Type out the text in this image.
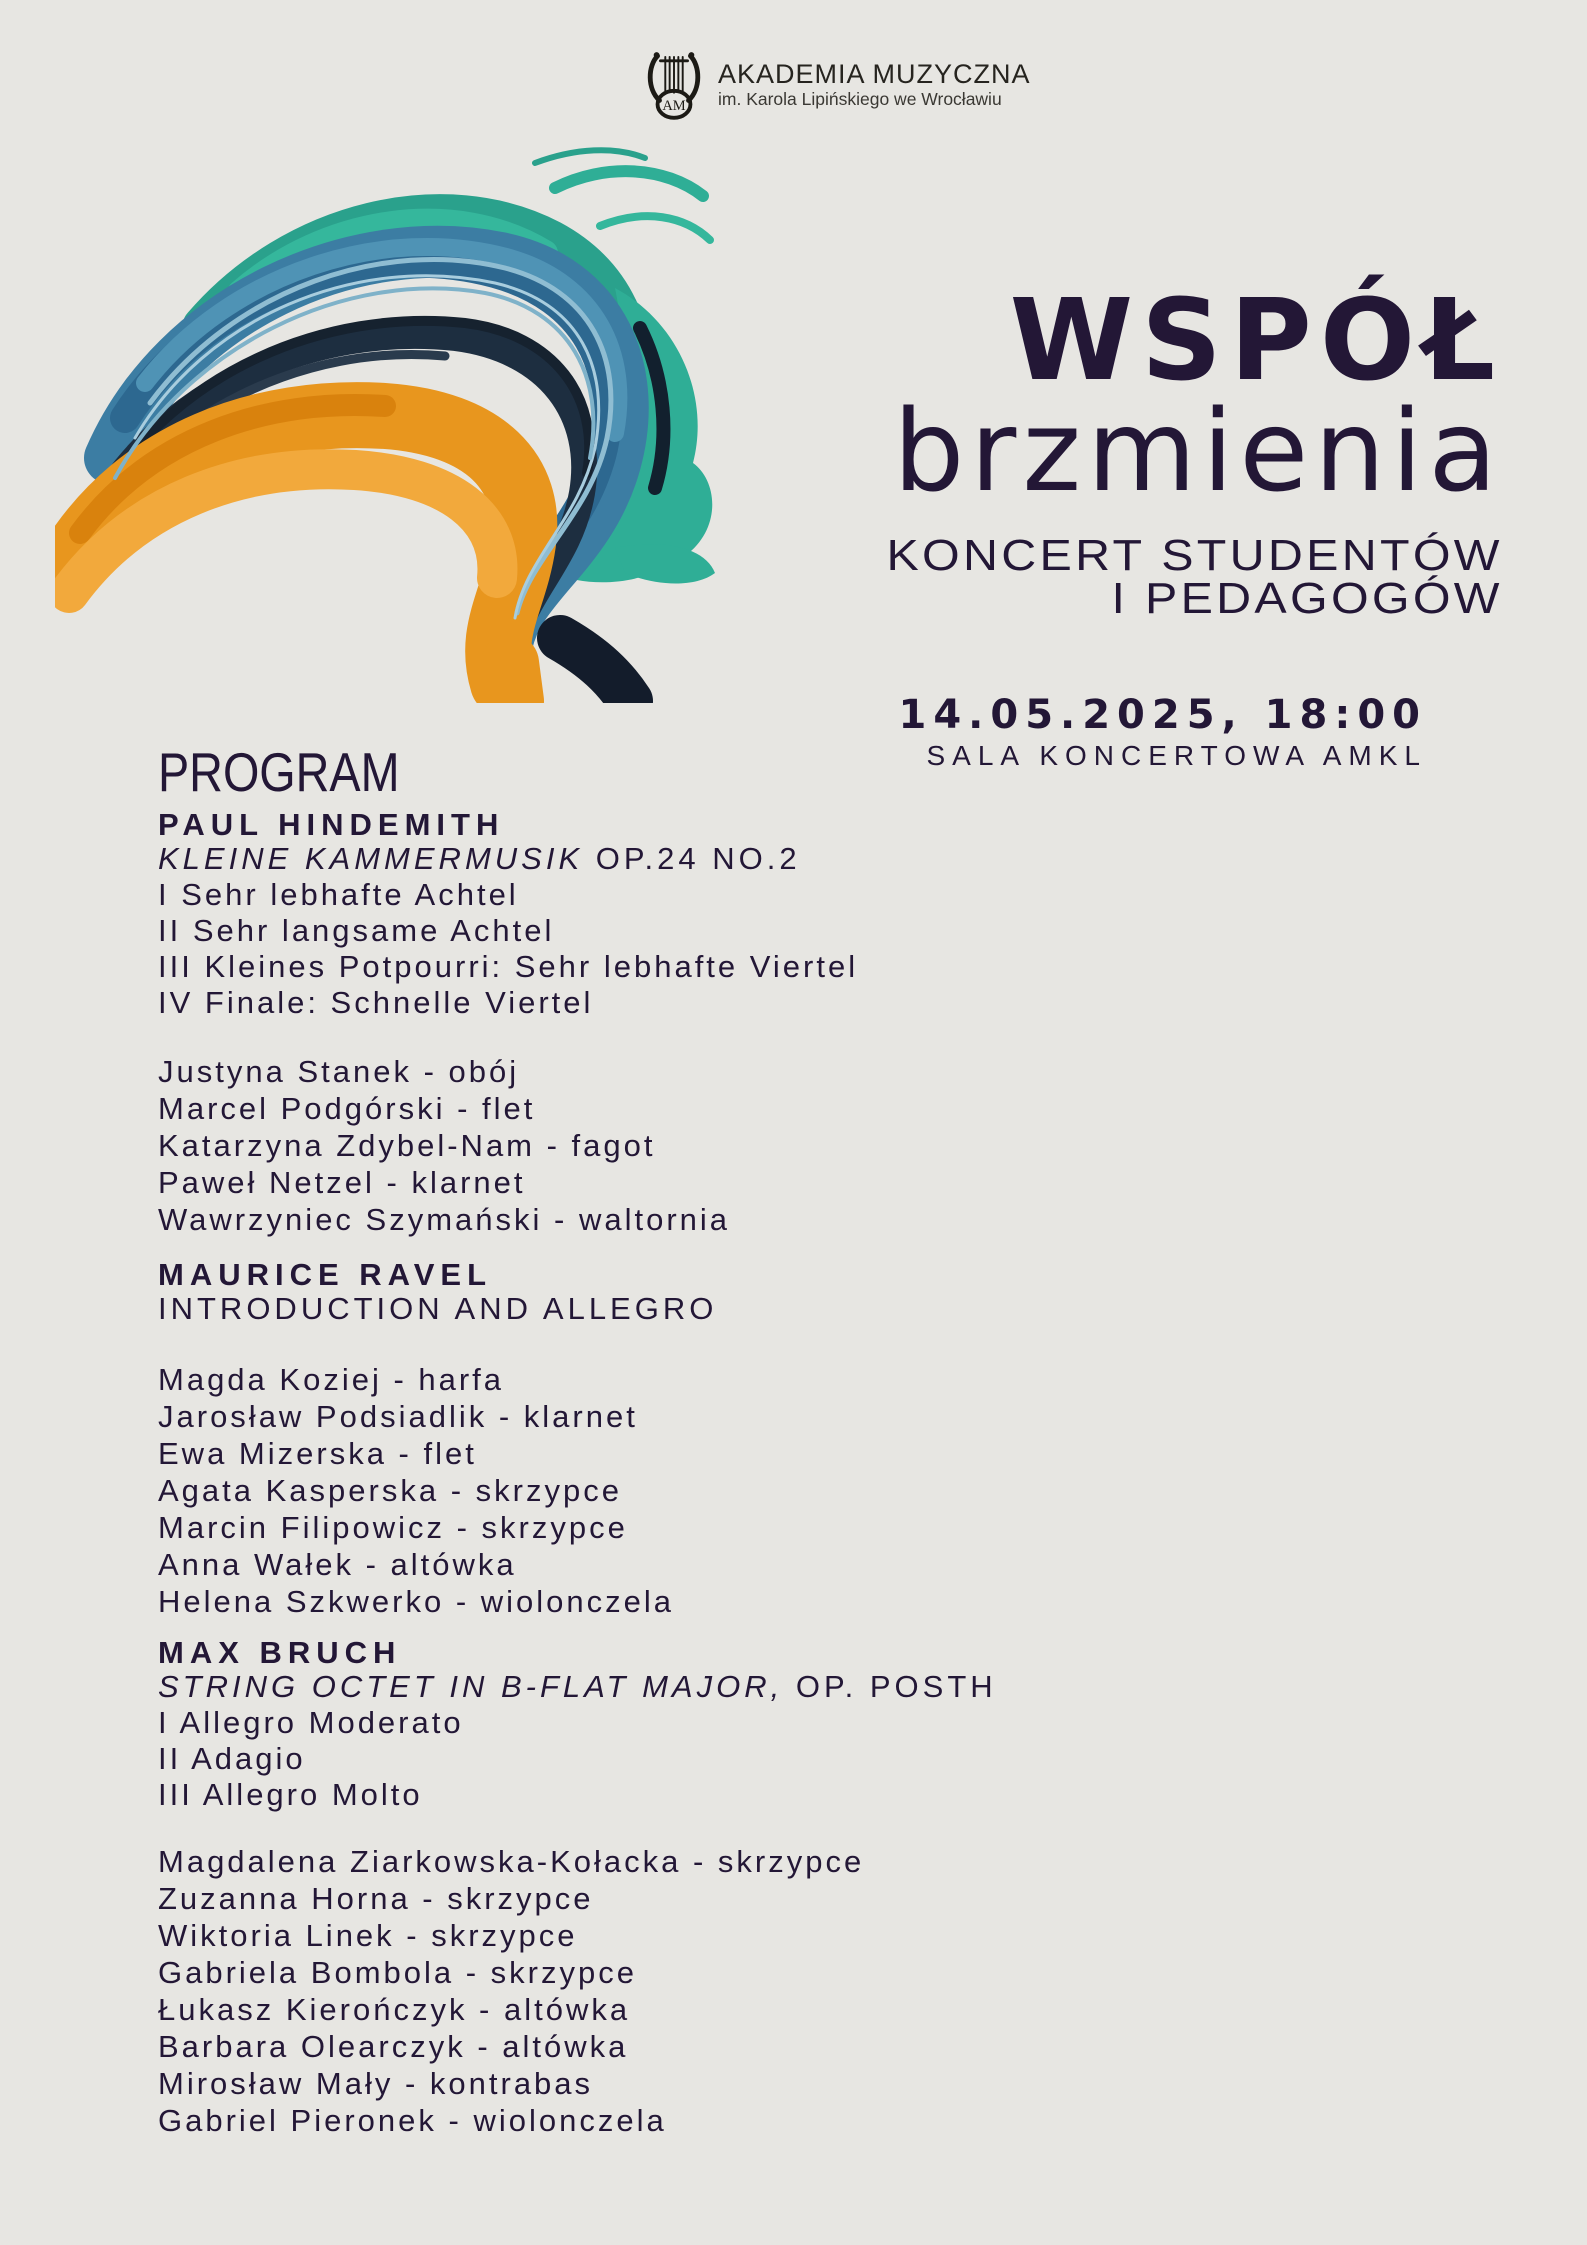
AM
AKADEMIA MUZYCZNA
im. Karola Lipińskiego we Wrocławiu
WSPÓŁ
brzmienia
KONCERT STUDENTÓW
I PEDAGOGÓW
14.05.2025, 18:00
SALA KONCERTOWA AMKL
PROGRAM
PAUL HINDEMITH
KLEINE KAMMERMUSIK OP.24 NO.2
I Sehr lebhafte Achtel
II Sehr langsame Achtel
III Kleines Potpourri: Sehr lebhafte Viertel
IV Finale: Schnelle Viertel
Justyna Stanek - obój
Marcel Podgórski - flet
Katarzyna Zdybel-Nam - fagot
Paweł Netzel - klarnet
Wawrzyniec Szymański - waltornia
MAURICE RAVEL
INTRODUCTION AND ALLEGRO
Magda Koziej - harfa
Jarosław Podsiadlik - klarnet
Ewa Mizerska - flet
Agata Kasperska - skrzypce
Marcin Filipowicz - skrzypce
Anna Wałek - altówka
Helena Szkwerko - wiolonczela
MAX BRUCH
STRING OCTET IN B-FLAT MAJOR, OP. POSTH
I Allegro Moderato
II Adagio
III Allegro Molto
Magdalena Ziarkowska-Kołacka - skrzypce
Zuzanna Horna - skrzypce
Wiktoria Linek - skrzypce
Gabriela Bombola - skrzypce
Łukasz Kierończyk - altówka
Barbara Olearczyk - altówka
Mirosław Mały - kontrabas
Gabriel Pieronek - wiolonczela
